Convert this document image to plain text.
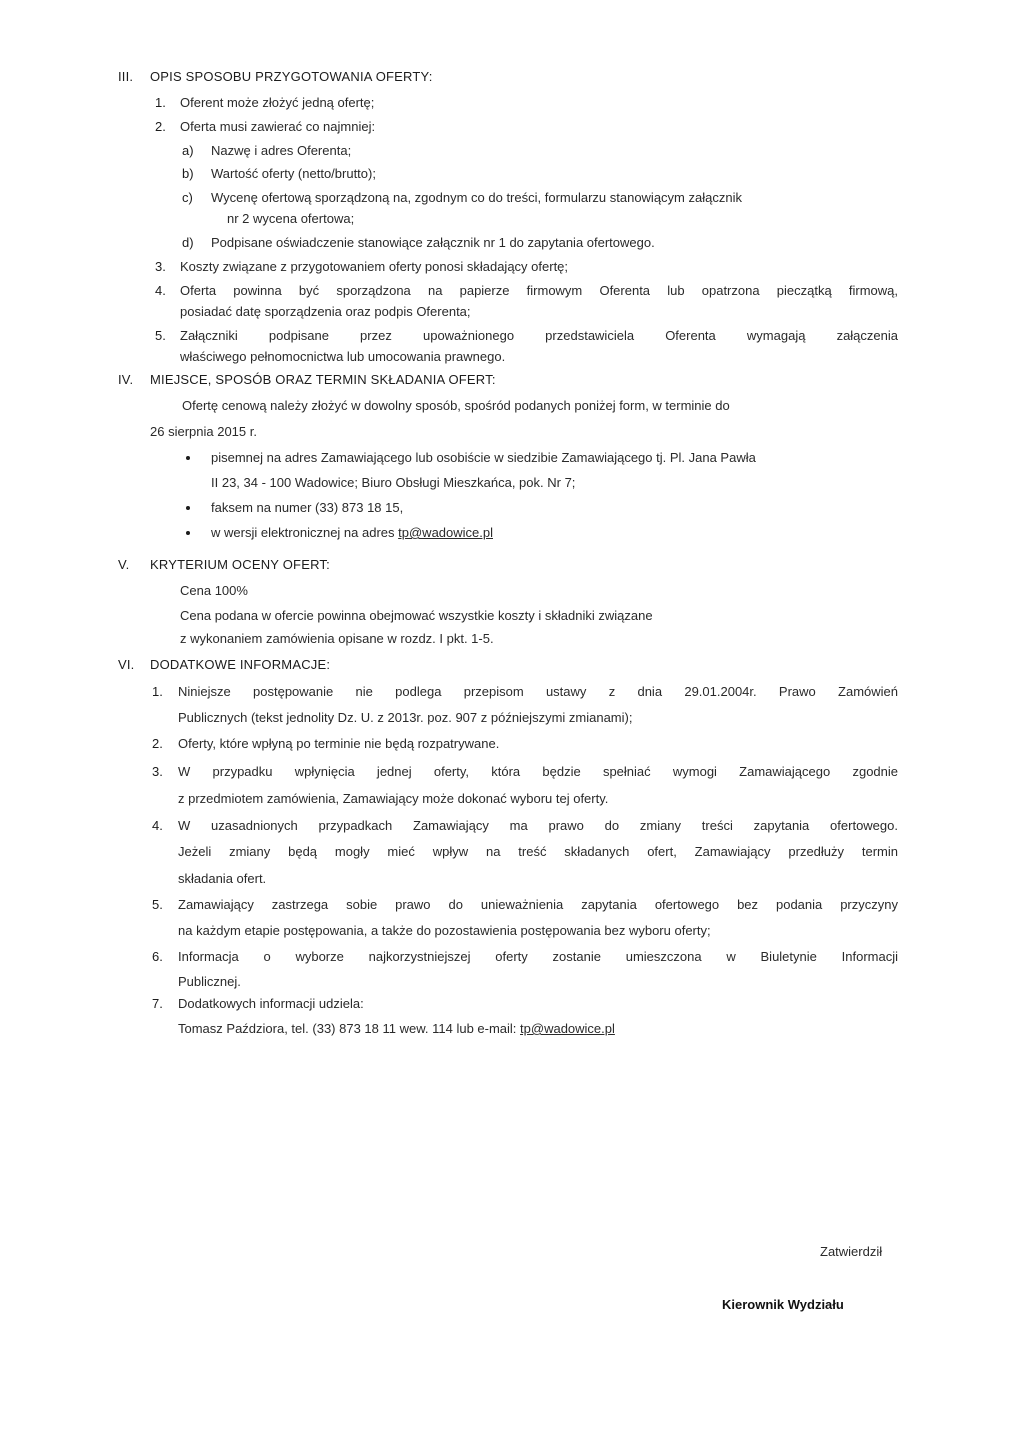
III. OPIS SPOSOBU PRZYGOTOWANIA OFERTY:
1. Oferent może złożyć jedną ofertę;
2. Oferta musi zawierać co najmniej:
a) Nazwę i adres Oferenta;
b) Wartość oferty (netto/brutto);
c) Wycenę ofertową sporządzoną na, zgodnym co do treści, formularzu stanowiącym załącznik
nr 2 wycena ofertowa;
d) Podpisane oświadczenie stanowiące załącznik nr 1 do zapytania ofertowego.
3. Koszty związane z przygotowaniem oferty ponosi składający ofertę;
4. Oferta powinna być sporządzona na papierze firmowym Oferenta lub opatrzona pieczątką firmową,
posiadać datę sporządzenia oraz podpis Oferenta;
5. Załączniki podpisane przez upoważnionego przedstawiciela Oferenta wymagają załączenia
właściwego pełnomocnictwa lub umocowania prawnego.
IV. MIEJSCE, SPOSÓB ORAZ TERMIN SKŁADANIA OFERT:
Ofertę cenową należy złożyć w dowolny sposób, spośród podanych poniżej form, w terminie do
26 sierpnia 2015 r.
pisemnej na adres Zamawiającego lub osobiście w siedzibie Zamawiającego tj. Pl. Jana Pawła
II 23, 34 - 100 Wadowice; Biuro Obsługi Mieszkańca, pok. Nr 7;
faksem na numer (33) 873 18 15,
w wersji elektronicznej na adres tp@wadowice.pl
V. KRYTERIUM OCENY OFERT:
Cena 100%
Cena podana w ofercie powinna obejmować wszystkie koszty i składniki związane
z wykonaniem zamówienia opisane w rozdz. I pkt. 1-5.
VI. DODATKOWE INFORMACJE:
1. Niniejsze postępowanie nie podlega przepisom ustawy z dnia 29.01.2004r. Prawo Zamówień
Publicznych (tekst jednolity Dz. U. z 2013r. poz. 907 z późniejszymi zmianami);
2. Oferty, które wpłyną po terminie nie będą rozpatrywane.
3. W przypadku wpłynięcia jednej oferty, która będzie spełniać wymogi Zamawiającego zgodnie
z przedmiotem zamówienia, Zamawiający może dokonać wyboru tej oferty.
4. W uzasadnionych przypadkach Zamawiający ma prawo do zmiany treści zapytania ofertowego.
Jeżeli zmiany będą mogły mieć wpływ na treść składanych ofert, Zamawiający przedłuży termin
składania ofert.
5. Zamawiający zastrzega sobie prawo do unieważnienia zapytania ofertowego bez podania przyczyny
na każdym etapie postępowania, a także do pozostawienia postępowania bez wyboru oferty;
6. Informacja o wyborze najkorzystniejszej oferty zostanie umieszczona w Biuletynie Informacji
Publicznej.
7. Dodatkowych informacji udziela:
Tomasz Paździora, tel. (33) 873 18 11 wew. 114 lub e-mail: tp@wadowice.pl
Zatwierdził
Kierownik Wydziału
